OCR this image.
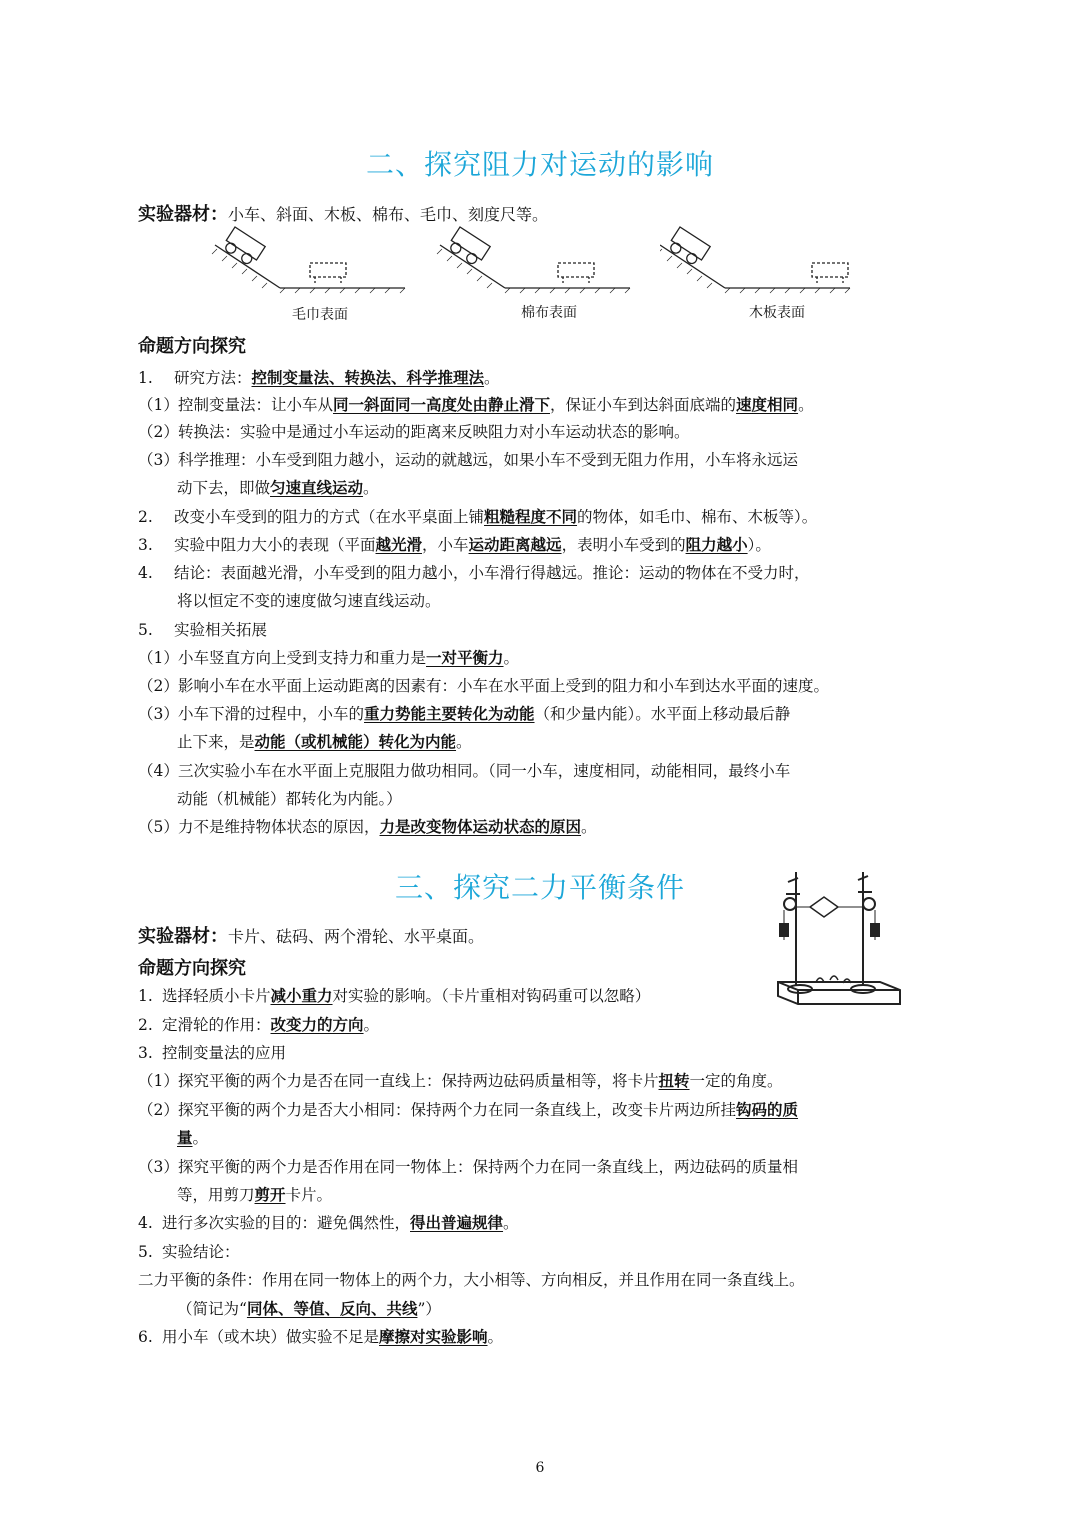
二、探究阻力对运动的影响
实验器材：小车、斜面、木板、棉布、毛巾、刻度尺等。
毛巾表面	棉布表面	木板表面
命题方向探究
1. 研究方法：控制变量法、转换法、科学推理法。
（1）控制变量法：让小车从同一斜面同一高度处由静止滑下，保证小车到达斜面底端的速度相同。
（2）转换法：实验中是通过小车运动的距离来反映阻力对小车运动状态的影响。
（3）科学推理：小车受到阻力越小，运动的就越远，如果小车不受到无阻力作用，小车将永远运
动下去，即做匀速直线运动。
2. 改变小车受到的阻力的方式（在水平桌面上铺粗糙程度不同的物体，如毛巾、棉布、木板等）。
3. 实验中阻力大小的表现（平面越光滑，小车运动距离越远，表明小车受到的阻力越小）。
4. 结论：表面越光滑，小车受到的阻力越小，小车滑行得越远。推论：运动的物体在不受力时，
将以恒定不变的速度做匀速直线运动。
5. 实验相关拓展
（1）小车竖直方向上受到支持力和重力是一对平衡力。
（2）影响小车在水平面上运动距离的因素有：小车在水平面上受到的阻力和小车到达水平面的速度。
（3）小车下滑的过程中，小车的重力势能主要转化为动能（和少量内能）。水平面上移动最后静
止下来，是动能（或机械能）转化为内能。
（4）三次实验小车在水平面上克服阻力做功相同。（同一小车，速度相同，动能相同，最终小车
动能（机械能）都转化为内能。）
（5）力不是维持物体状态的原因，力是改变物体运动状态的原因。
三、探究二力平衡条件
实验器材：卡片、砝码、两个滑轮、水平桌面。
命题方向探究
1. 选择轻质小卡片减小重力对实验的影响。（卡片重相对钩码重可以忽略）
2. 定滑轮的作用：改变力的方向。
3. 控制变量法的应用
（1）探究平衡的两个力是否在同一直线上：保持两边砝码质量相等，将卡片扭转一定的角度。
（2）探究平衡的两个力是否大小相同：保持两个力在同一条直线上，改变卡片两边所挂钩码的质
量。
（3）探究平衡的两个力是否作用在同一物体上：保持两个力在同一条直线上，两边砝码的质量相
等，用剪刀剪开卡片。
4. 进行多次实验的目的：避免偶然性，得出普遍规律。
5. 实验结论：
二力平衡的条件：作用在同一物体上的两个力，大小相等、方向相反，并且作用在同一条直线上。
（简记为“同体、等值、反向、共线”）
6. 用小车（或木块）做实验不足是摩擦对实验影响。
6
